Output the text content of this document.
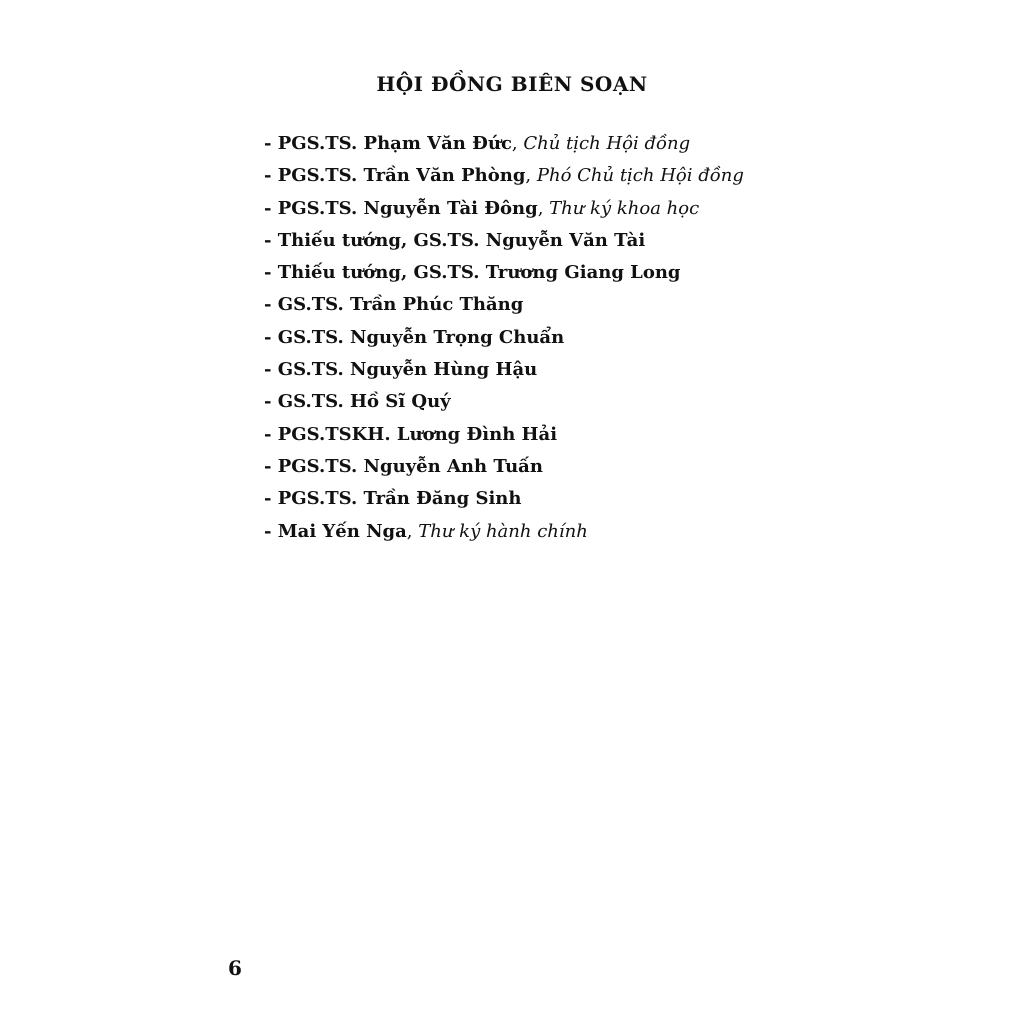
HỘI ĐỒNG BIÊN SOẠN
- PGS.TS. Phạm Văn Đức, Chủ tịch Hội đồng
- PGS.TS. Trần Văn Phòng, Phó Chủ tịch Hội đồng
- PGS.TS. Nguyễn Tài Đông, Thư ký khoa học
- Thiếu tướng, GS.TS. Nguyễn Văn Tài
- Thiếu tướng, GS.TS. Trương Giang Long
- GS.TS. Trần Phúc Thăng
- GS.TS. Nguyễn Trọng Chuẩn
- GS.TS. Nguyễn Hùng Hậu
- GS.TS. Hồ Sĩ Quý
- PGS.TSKH. Lương Đình Hải
- PGS.TS. Nguyễn Anh Tuấn
- PGS.TS. Trần Đăng Sinh
- Mai Yến Nga, Thư ký hành chính

6
